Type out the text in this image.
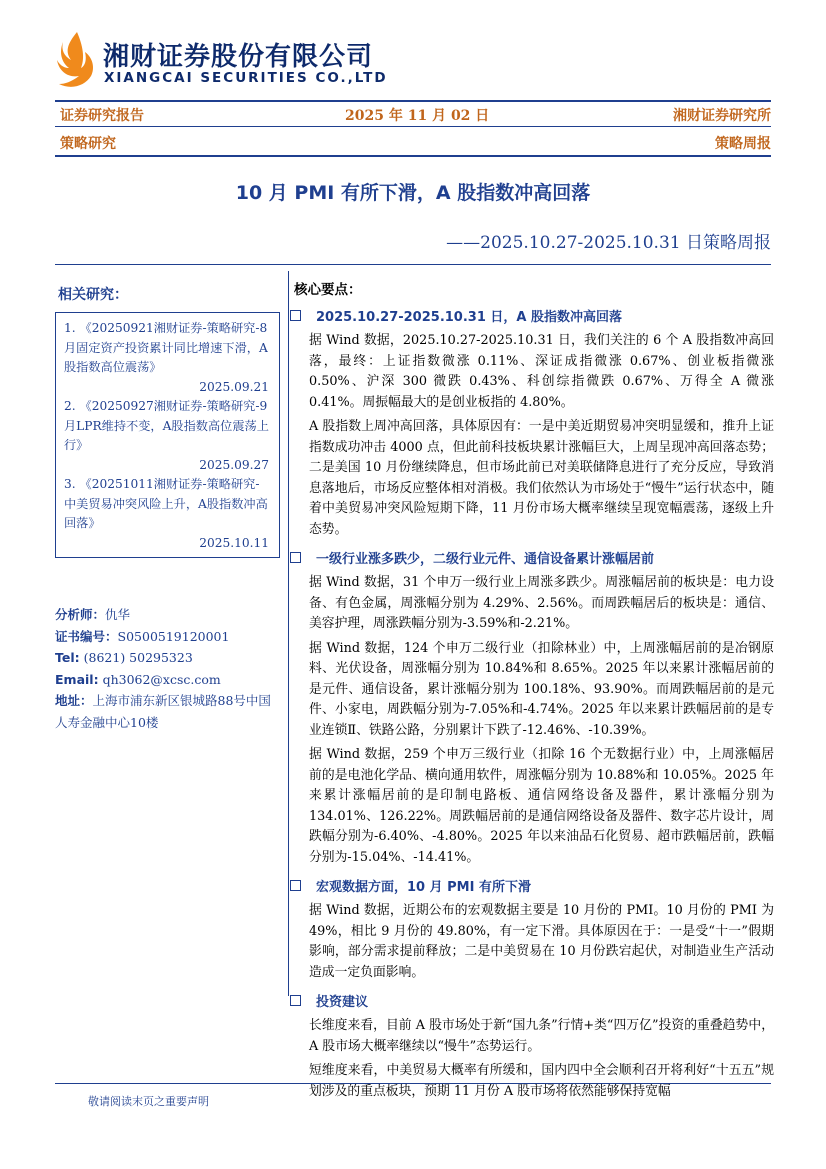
湘财证券股份有限公司
XIANGCAI SECURITIES CO.,LTD
证券研究报告	2025 年 11 月 02 日	湘财证券研究所
策略研究	策略周报
10 月 PMI 有所下滑，A 股指数冲高回落
——2025.10.27-2025.10.31 日策略周报
相关研究：
1. 《20250921湘财证券-策略研究-8月固定资产投资累计同比增速下滑，A股指数高位震荡》
2025.09.21
2. 《20250927湘财证券-策略研究-9月LPR维持不变，A股指数高位震荡上行》
2025.09.27
3. 《20251011湘财证券-策略研究-中美贸易冲突风险上升，A股指数冲高回落》
2025.10.11
分析师：仇华
证书编号：S0500519120001
Tel: (8621) 50295323
Email: qh3062@xcsc.com
地址：上海市浦东新区银城路88号中国人寿金融中心10楼
核心要点：
2025.10.27-2025.10.31 日，A 股指数冲高回落
据 Wind 数据，2025.10.27-2025.10.31 日，我们关注的 6 个 A 股指数冲高回落，最终：上证指数微涨 0.11%、深证成指微涨 0.67%、创业板指微涨 0.50%、沪深 300 微跌 0.43%、科创综指微跌 0.67%、万得全 A 微涨 0.41%。周振幅最大的是创业板指的 4.80%。
A 股指数上周冲高回落，具体原因有：一是中美近期贸易冲突明显缓和，推升上证指数成功冲击 4000 点，但此前科技板块累计涨幅巨大，上周呈现冲高回落态势；二是美国 10 月份继续降息，但市场此前已对美联储降息进行了充分反应，导致消息落地后，市场反应整体相对消极。我们依然认为市场处于“慢牛”运行状态中，随着中美贸易冲突风险短期下降，11 月份市场大概率继续呈现宽幅震荡，逐级上升态势。
一级行业涨多跌少，二级行业元件、通信设备累计涨幅居前
据 Wind 数据，31 个申万一级行业上周涨多跌少。周涨幅居前的板块是：电力设备、有色金属，周涨幅分别为 4.29%、2.56%。而周跌幅居后的板块是：通信、美容护理，周涨跌幅分别为-3.59%和-2.21%。
据 Wind 数据，124 个申万二级行业（扣除林业）中，上周涨幅居前的是冶钢原料、光伏设备，周涨幅分别为 10.84%和 8.65%。2025 年以来累计涨幅居前的是元件、通信设备，累计涨幅分别为 100.18%、93.90%。而周跌幅居前的是元件、小家电，周跌幅分别为-7.05%和-4.74%。2025 年以来累计跌幅居前的是专业连锁Ⅱ、铁路公路，分别累计下跌了-12.46%、-10.39%。
据 Wind 数据，259 个申万三级行业（扣除 16 个无数据行业）中，上周涨幅居前的是电池化学品、横向通用软件，周涨幅分别为 10.88%和 10.05%。2025 年来累计涨幅居前的是印制电路板、通信网络设备及器件，累计涨幅分别为 134.01%、126.22%。周跌幅居前的是通信网络设备及器件、数字芯片设计，周跌幅分别为-6.40%、-4.80%。2025 年以来油品石化贸易、超市跌幅居前，跌幅分别为-15.04%、-14.41%。
宏观数据方面，10 月 PMI 有所下滑
据 Wind 数据，近期公布的宏观数据主要是 10 月份的 PMI。10 月份的 PMI 为 49%，相比 9 月份的 49.80%，有一定下滑。具体原因在于：一是受“十一”假期影响，部分需求提前释放；二是中美贸易在 10 月份跌宕起伏，对制造业生产活动造成一定负面影响。
投资建议
长维度来看，目前 A 股市场处于新“国九条”行情+类“四万亿”投资的重叠趋势中，A 股市场大概率继续以“慢牛”态势运行。
短维度来看，中美贸易大概率有所缓和，国内四中全会顺利召开将利好“十五五”规划涉及的重点板块，预期 11 月份 A 股市场将依然能够保持宽幅
敬请阅读末页之重要声明
